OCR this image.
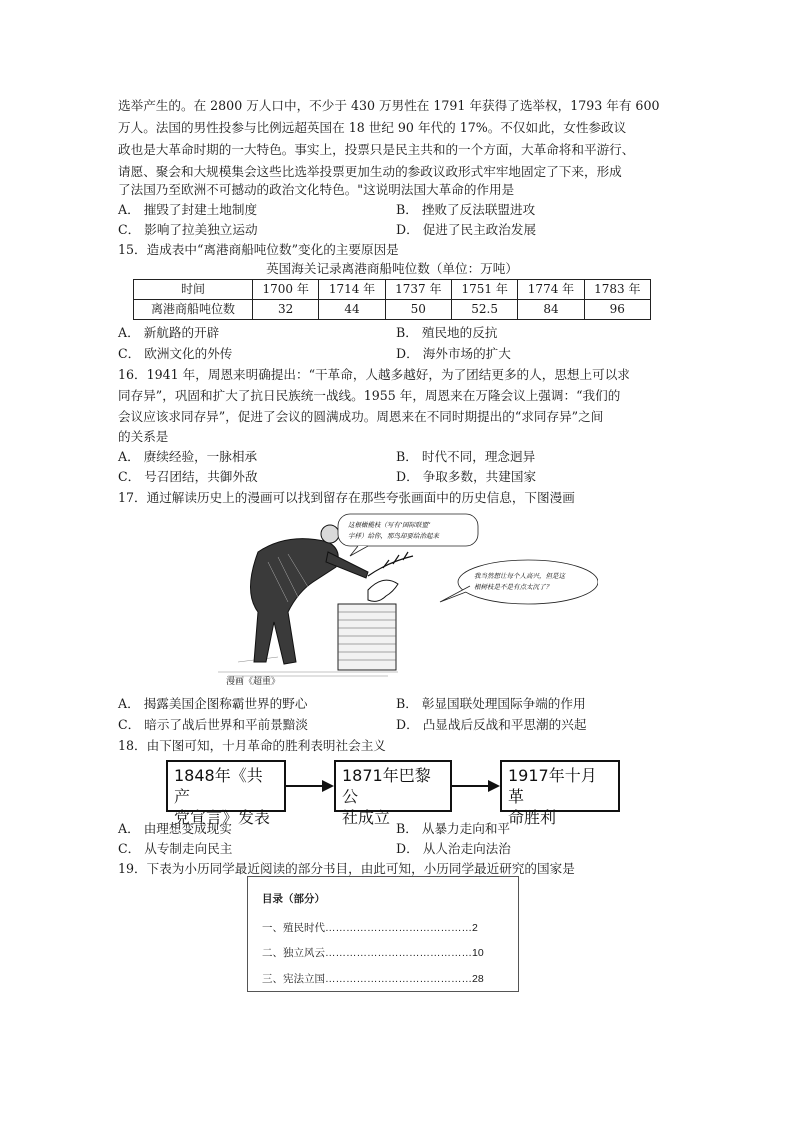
选举产生的。在 2800 万人口中，不少于 430 万男性在 1791 年获得了选举权，1793 年有 600
万人。法国的男性投参与比例远超英国在 18 世纪 90 年代的 17%。不仅如此，女性参政议
政也是大革命时期的一大特色。事实上，投票只是民主共和的一个方面，大革命将和平游行、
请愿、聚会和大规模集会这些比选举投票更加生动的参政议政形式牢牢地固定了下来，形成
了法国乃至欧洲不可撼动的政治文化特色。"这说明法国大革命的作用是
A． 摧毁了封建土地制度	B． 挫败了反法联盟进攻
C． 影响了拉美独立运动	D． 促进了民主政治发展
15．造成表中“离港商船吨位数”变化的主要原因是
英国海关记录离港商船吨位数（单位：万吨）
时间	1700 年	1714 年	1737 年	1751 年	1774 年	1783 年
离港商船吨位数	32	44	50	52.5	84	96
A． 新航路的开辟	B． 殖民地的反抗
C． 欧洲文化的外传	D． 海外市场的扩大
16．1941 年，周恩来明确提出：“干革命，人越多越好，为了团结更多的人，思想上可以求
同存异”，巩固和扩大了抗日民族统一战线。1955 年，周恩来在万隆会议上强调：“我们的
会议应该求同存异”，促进了会议的圆满成功。周恩来在不同时期提出的“求同存异”之间
的关系是
A． 赓续经验，一脉相承	B． 时代不同，理念迥异
C． 号召团结，共御外敌	D． 争取多数，共建国家
17．通过解读历史上的漫画可以找到留存在那些夸张画面中的历史信息，下图漫画
这根橄榄枝（写有‘国际联盟’
字样）给你，那鸟却要给治起来
我当然想让每个人高兴，但是这
根树枝是不是有点太沉了？
漫画《超重》
A． 揭露美国企图称霸世界的野心	B． 彰显国联处理国际争端的作用
C． 暗示了战后世界和平前景黯淡	D． 凸显战后反战和平思潮的兴起
18．由下图可知，十月革命的胜利表明社会主义
1848年《共产
党宣言》发表
1871年巴黎公
社成立
1917年十月革
命胜利
A． 由理想变成现实	B． 从暴力走向和平
C． 从专制走向民主	D． 从人治走向法治
19．下表为小历同学最近阅读的部分书目，由此可知，小历同学最近研究的国家是
目录（部分）
一、殖民时代……………………………………2
二、独立风云……………………………………10
三、宪法立国……………………………………28
